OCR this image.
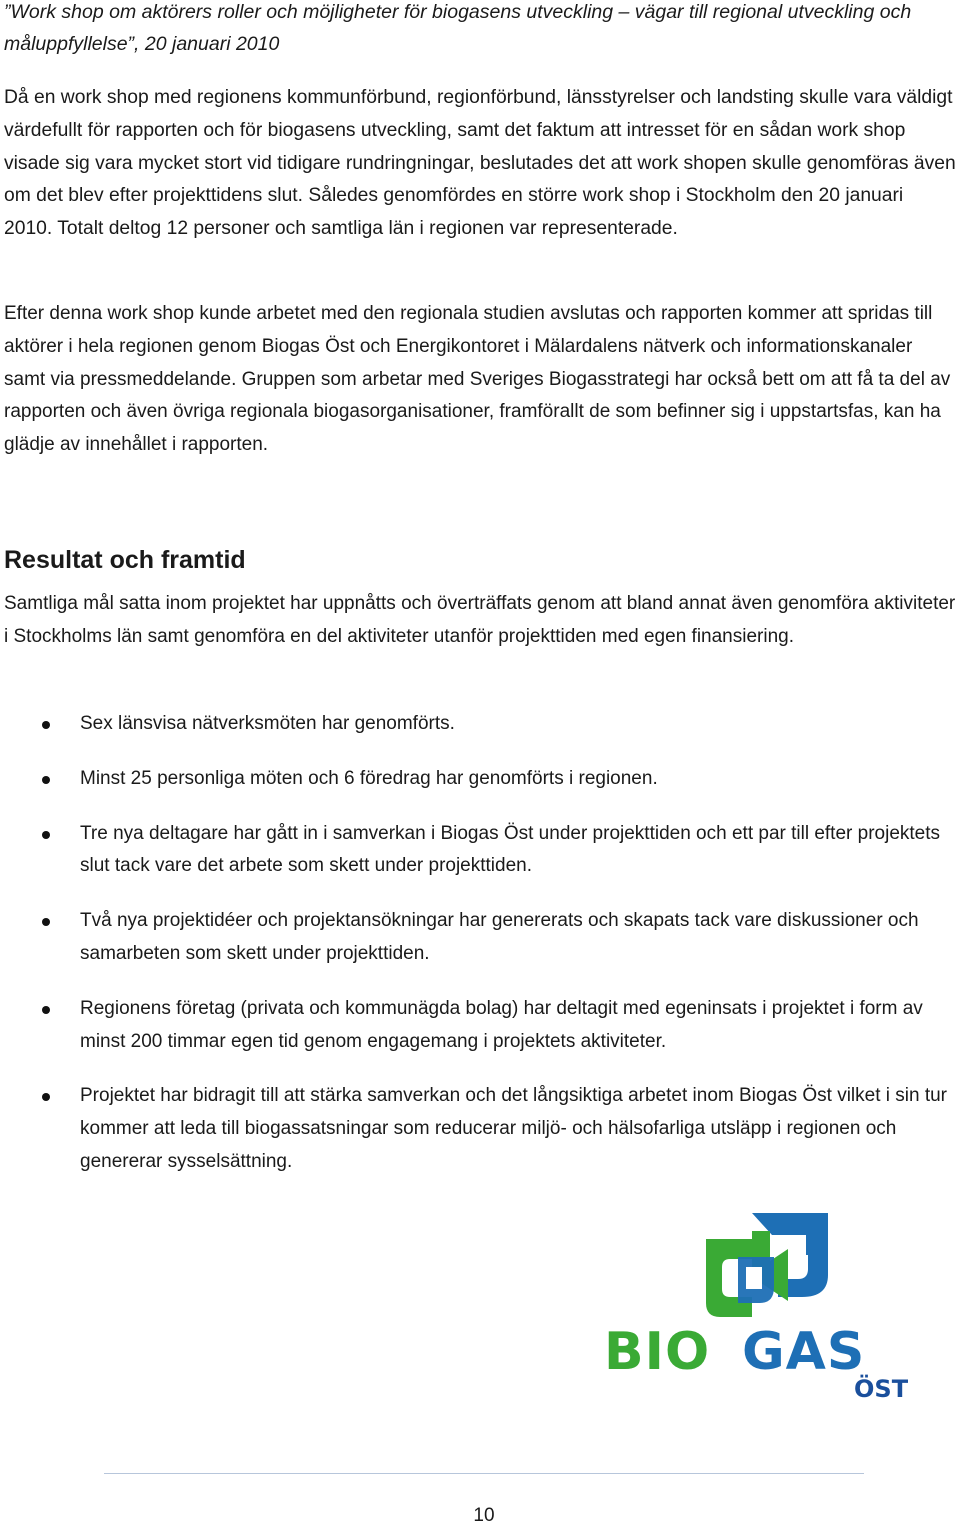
”Work shop om aktörers roller och möjligheter för biogasens utveckling – vägar till regional utveckling och måluppfyllelse”, 20 januari 2010

Då en work shop med regionens kommunförbund, regionförbund, länsstyrelser och landsting skulle vara väldigt värdefullt för rapporten och för biogasens utveckling, samt det faktum att intresset för en sådan work shop visade sig vara mycket stort vid tidigare rundringningar, beslutades det att work shopen skulle genomföras även om det blev efter projekttidens slut. Således genomfördes en större work shop i Stockholm den 20 januari 2010. Totalt deltog 12 personer och samtliga län i regionen var representerade.

Efter denna work shop kunde arbetet med den regionala studien avslutas och rapporten kommer att spridas till aktörer i hela regionen genom Biogas Öst och Energikontoret i Mälardalens nätverk och informationskanaler samt via pressmeddelande. Gruppen som arbetar med Sveriges Biogasstrategi har också bett om att få ta del av rapporten och även övriga regionala biogasorganisationer, framförallt de som befinner sig i uppstartsfas, kan ha glädje av innehållet i rapporten.

Resultat och framtid

Samtliga mål satta inom projektet har uppnåtts och överträffats genom att bland annat även genomföra aktiviteter i Stockholms län samt genomföra en del aktiviteter utanför projekttiden med egen finansiering.

Sex länsvisa nätverksmöten har genomförts.
Minst 25 personliga möten och 6 föredrag har genomförts i regionen.
Tre nya deltagare har gått in i samverkan i Biogas Öst under projekttiden och ett par till efter projektets slut tack vare det arbete som skett under projekttiden.
Två nya projektidéer och projektansökningar har genererats och skapats tack vare diskussioner och samarbeten som skett under projekttiden.
Regionens företag (privata och kommunägda bolag) har deltagit med egeninsats i projektet i form av minst 200 timmar egen tid genom engagemang i projektets aktiviteter.
Projektet har bidragit till att stärka samverkan och det långsiktiga arbetet inom Biogas Öst vilket i sin tur kommer att leda till biogassatsningar som reducerar miljö- och hälsofarliga utsläpp i regionen och genererar sysselsättning.
BIO GAS
ÖST
10
